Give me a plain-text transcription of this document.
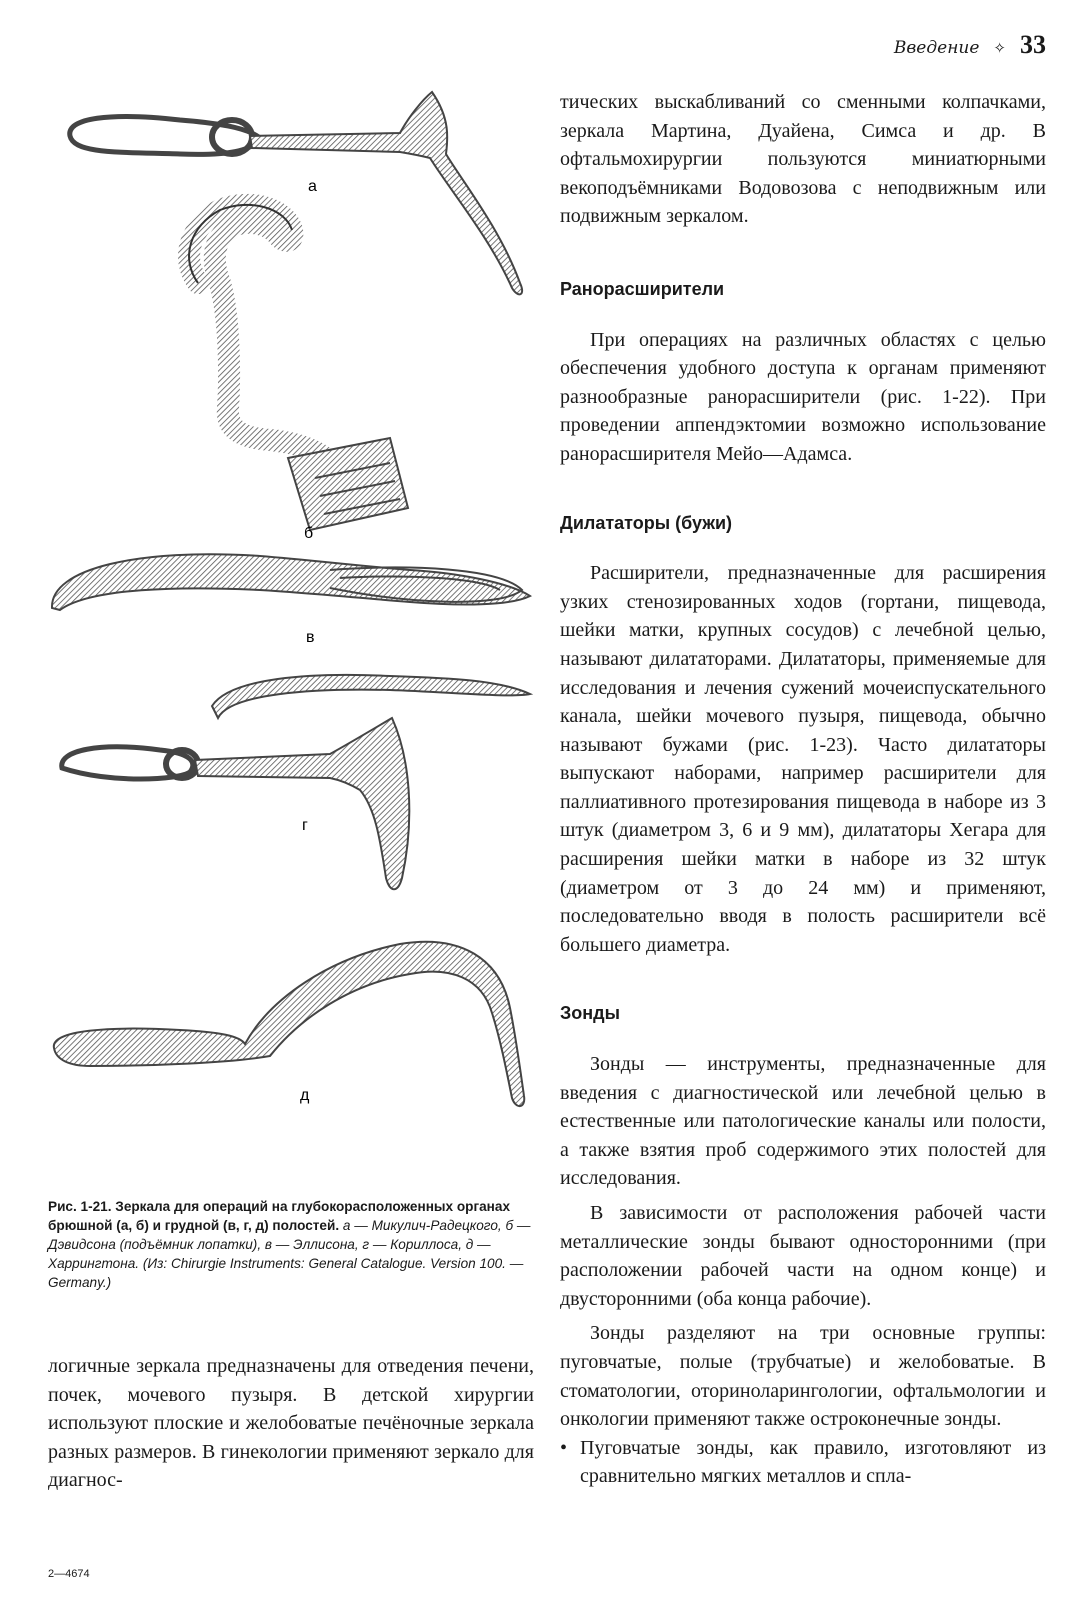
Введение ✧ 33
а
б
в
г
д
Рис. 1-21. Зеркала для операций на глубокорасположенных органах брюшной (а, б) и грудной (в, г, д) полостей. а — Микулич-Радецкого, б — Дэвидсона (подъёмник лопатки), в — Эллисона, г — Кориллоса, д — Харрингтона. (Из: Chirurgie Instruments: General Catalogue. Version 100. — Germany.)
логичные зеркала предназначены для отведения печени, почек, мочевого пузыря. В детской хирургии используют плоские и желобоватые печёночные зеркала разных размеров. В гинекологии применяют зеркало для диагнос-
2—4674

тических выскабливаний со сменными колпачками, зеркала Мартина, Дуайена, Симса и др. В офтальмохирургии пользуются миниатюрными векоподъёмниками Водовозова с неподвижным или подвижным зеркалом.

Ранорасширители

При операциях на различных областях с целью обеспечения удобного доступа к органам применяют разнообразные ранорасширители (рис. 1-22). При проведении аппендэктомии возможно использование ранорасширителя Мейо—Адамса.

Дилататоры (бужи)

Расширители, предназначенные для расширения узких стенозированных ходов (гортани, пищевода, шейки матки, крупных сосудов) с лечебной целью, называют дилататорами. Дилататоры, применяемые для исследования и лечения сужений мочеиспускательного канала, шейки мочевого пузыря, пищевода, обычно называют бужами (рис. 1-23). Часто дилататоры выпускают наборами, например расширители для паллиативного протезирования пищевода в наборе из 3 штук (диаметром 3, 6 и 9 мм), дилататоры Хегара для расширения шейки матки в наборе из 32 штук (диаметром от 3 до 24 мм) и применяют, последовательно вводя в полость расширители всё большего диаметра.

Зонды

Зонды — инструменты, предназначенные для введения с диагностической или лечебной целью в естественные или патологические каналы или полости, а также взятия проб содержимого этих полостей для исследования.

В зависимости от расположения рабочей части металлические зонды бывают односторонними (при расположении рабочей части на одном конце) и двусторонними (оба конца рабочие).

Зонды разделяют на три основные группы: пуговчатые, полые (трубчатые) и желобоватые. В стоматологии, оториноларингологии, офтальмологии и онкологии применяют также остроконечные зонды.

• Пуговчатые зонды, как правило, изготовляют из сравнительно мягких металлов и спла-
